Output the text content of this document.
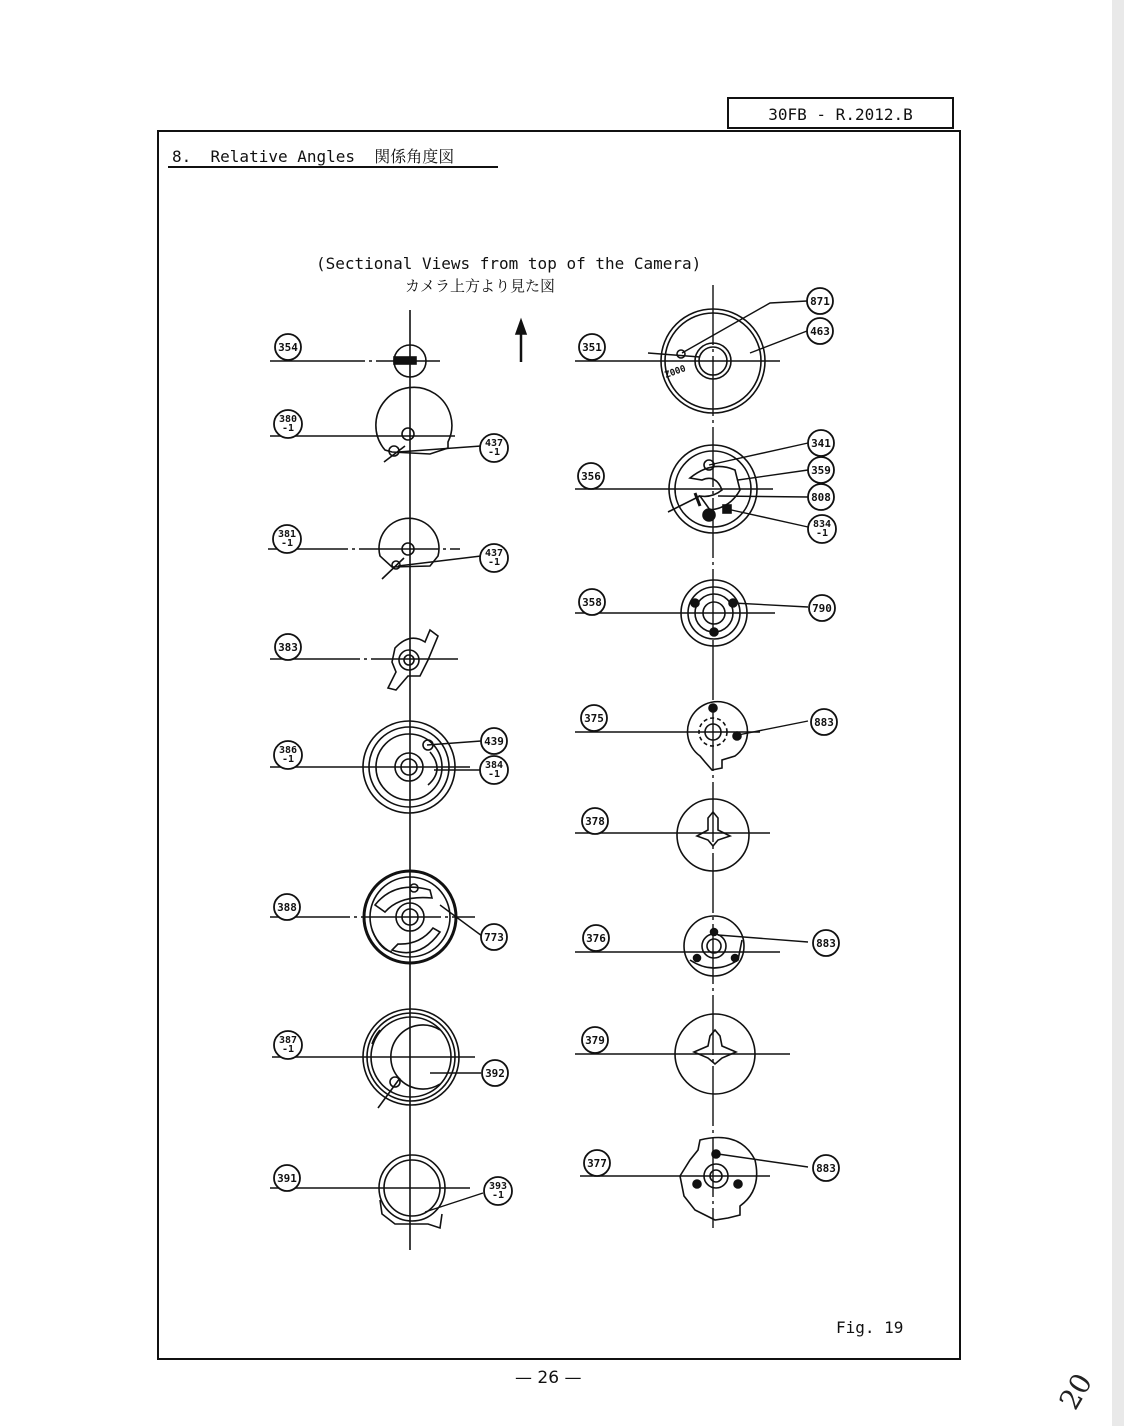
30FB - R.2012.B
8.  Relative Angles  関係角度図
(Sectional Views from top of the Camera)
カメラ上方より見た図
354
380
-1
381
-1
383
386
-1
388
387
-1
391
437
-1
437
-1
439
384
-1
773
392
393
-1
351
356
358
375
378
376
379
377
871
463
341
359
808
834
-1
790
883
883
883
Z000
Fig. 19
— 26 —	20
